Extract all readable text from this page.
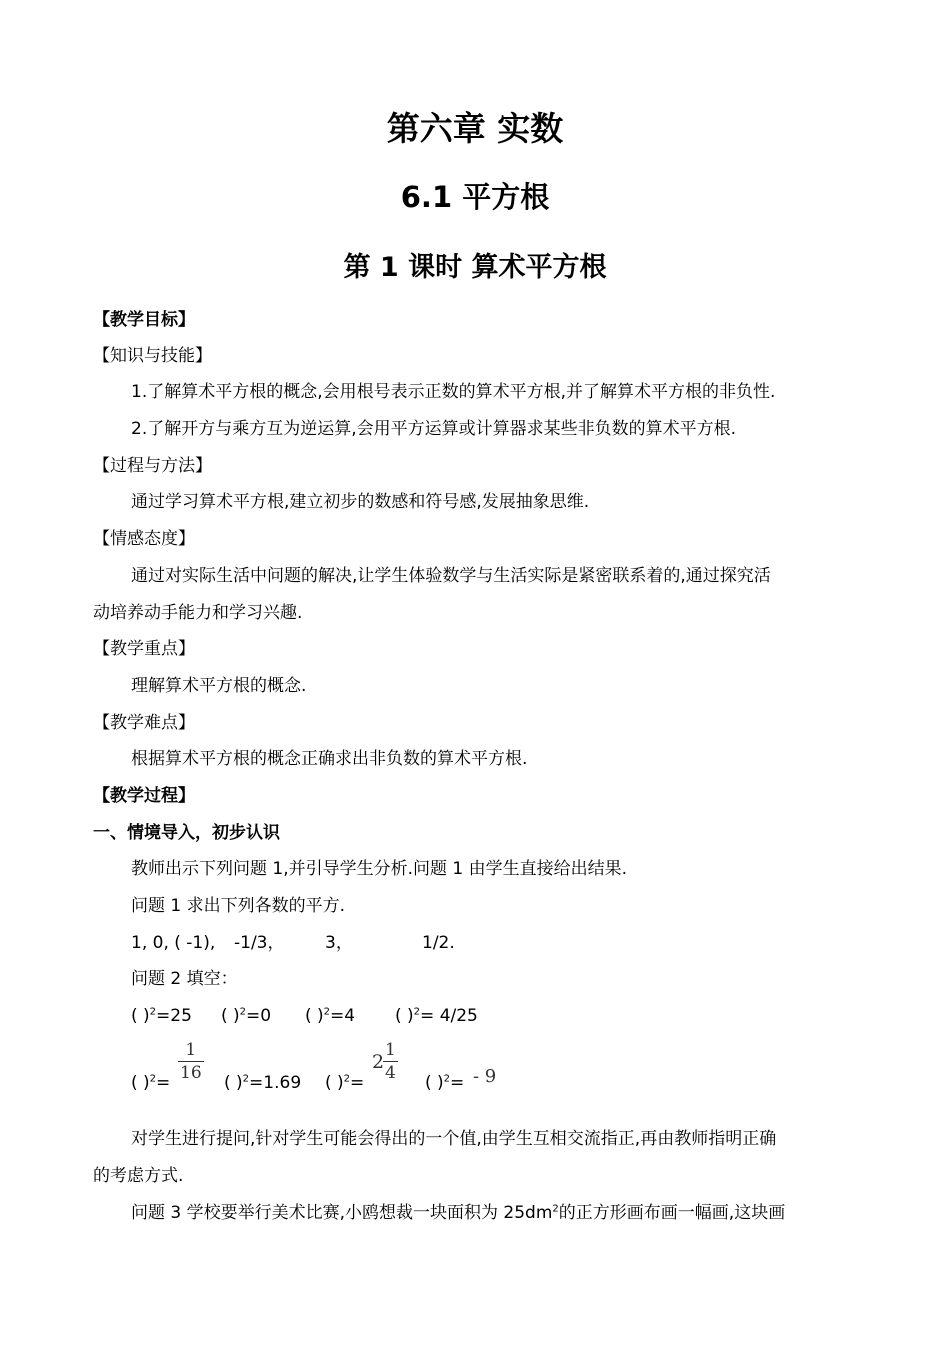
第六章 实数
6.1 平方根
第 1 课时 算术平方根
【教学目标】
【知识与技能】
1.了解算术平方根的概念,会用根号表示正数的算术平方根,并了解算术平方根的非负性.
2.了解开方与乘方互为逆运算,会用平方运算或计算器求某些非负数的算术平方根.
【过程与方法】
通过学习算术平方根,建立初步的数感和符号感,发展抽象思维.
【情感态度】
通过对实际生活中问题的解决,让学生体验数学与生活实际是紧密联系着的,通过探究活
动培养动手能力和学习兴趣.
【教学重点】
理解算术平方根的概念.
【教学难点】
根据算术平方根的概念正确求出非负数的算术平方根.
【教学过程】
一、情境导入，初步认识
教师出示下列问题 1,并引导学生分析.问题 1 由学生直接给出结果.
问题 1 求出下列各数的平方.
1, 0, ( -1), -1/3， 3，	1/2.
问题 2 填空：
( )$^2$=25 ( )$^2$=0 ( )$^2$=4 ( )$^2$= 4/25
( )$^2$=
1
16 ( )$^2$=1.69 ( )$^2$=
2
1
4 ( )$^2$= - 9
对学生进行提问,针对学生可能会得出的一个值,由学生互相交流指正,再由教师指明正确
的考虑方式.
问题 3 学校要举行美术比赛,小鸥想裁一块面积为 $25dm^2$的正方形画布画一幅画,这块画
